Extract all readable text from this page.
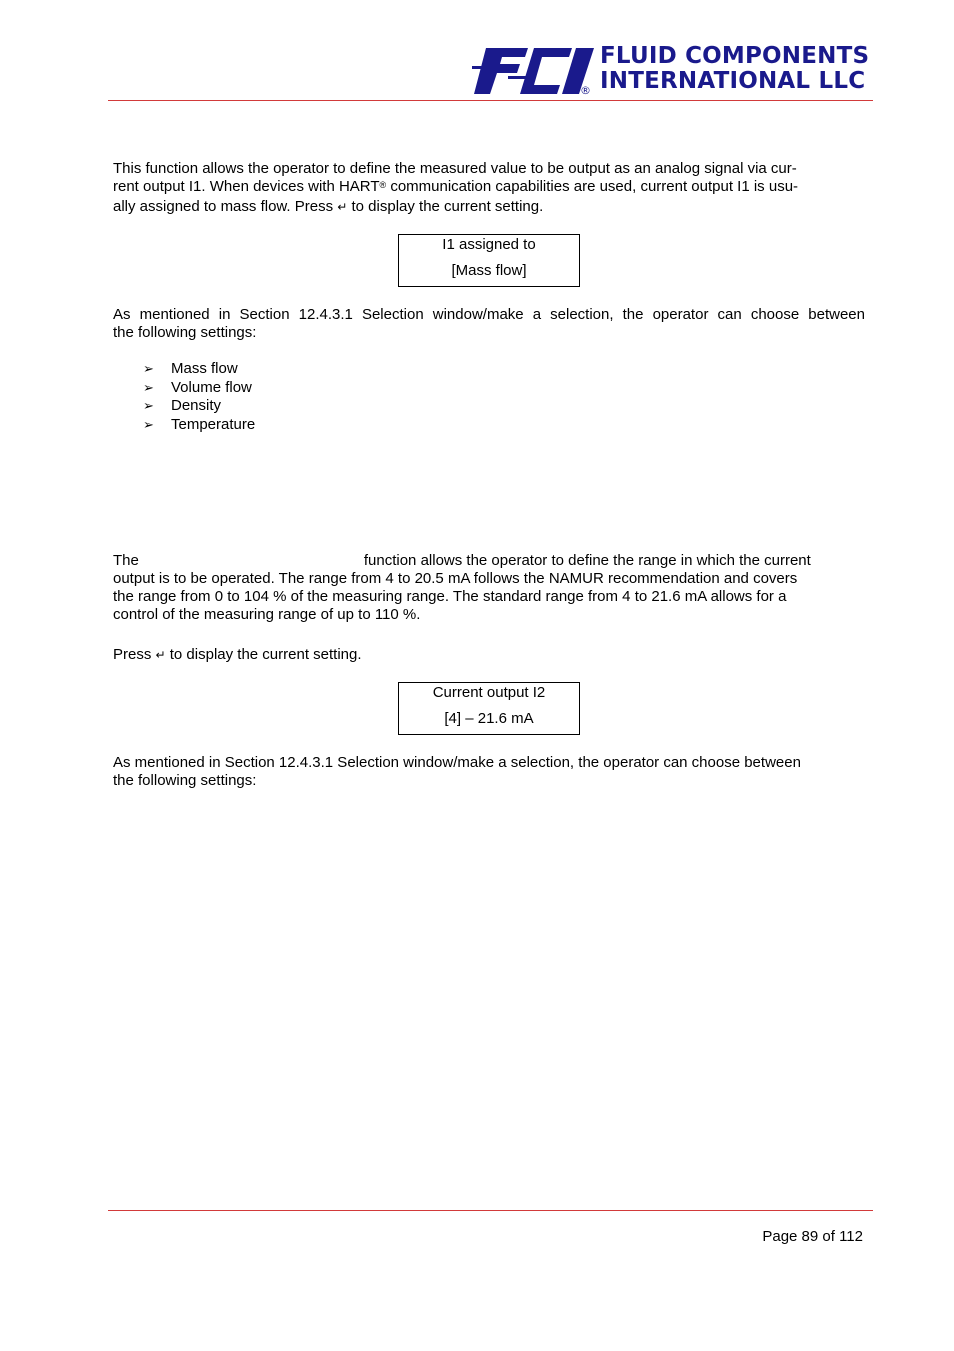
®
FLUID COMPONENTS
INTERNATIONAL LLC

This function allows the operator to define the measured value to be output as an analog signal via cur-

rent output I1. When devices with HART® communication capabilities are used, current output I1 is usu-

ally assigned to mass flow. Press ↵ to display the current setting.

I1 assigned to
[Mass flow]

As mentioned in Section 12.4.3.1 Selection window/make a selection, the operator can choose between

the following settings:

➢ Mass flow
➢ Volume flow
➢ Density
➢ Temperature

The	function allows the operator to define the range in which the current

output is to be operated. The range from 4 to 20.5 mA follows the NAMUR recommendation and covers

the range from 0 to 104 % of the measuring range. The standard range from 4 to 21.6 mA allows for a

control of the measuring range of up to 110 %.

Press ↵ to display the current setting.

Current output I2
[4] – 21.6 mA

As mentioned in Section 12.4.3.1 Selection window/make a selection, the operator can choose between

the following settings:

Page 89 of 112
